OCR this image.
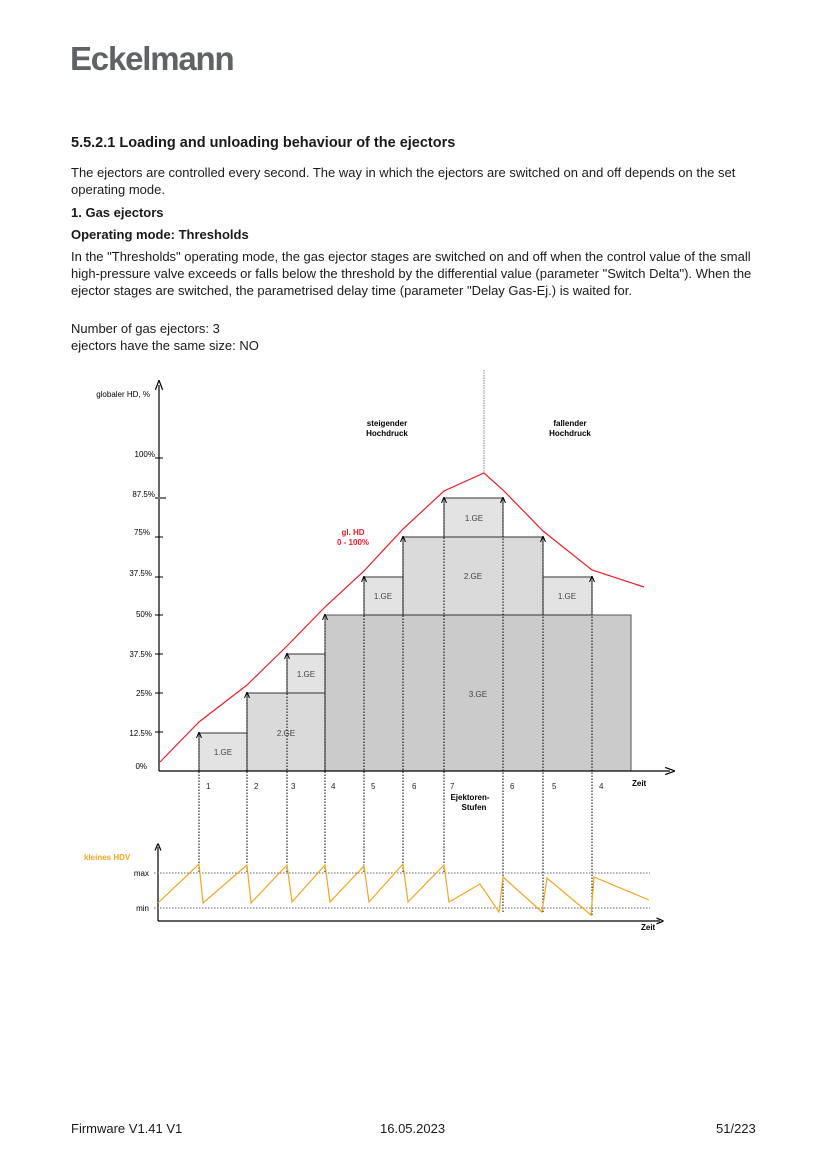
Eckelmann
5.5.2.1 Loading and unloading behaviour of the ejectors
The ejectors are controlled every second. The way in which the ejectors are switched on and off depends on the set operating mode.
1. Gas ejectors
Operating mode: Thresholds
In the "Thresholds" operating mode, the gas ejector stages are switched on and off when the control value of the small high-pressure valve exceeds or falls below the threshold by the differential value (parameter "Switch Delta"). When the ejector stages are switched, the parametrised delay time (parameter "Delay Gas-Ej.) is waited for.
Number of gas ejectors: 3
ejectors have the same size: NO
1.GE
2.GE
1.GE
3.GE
1.GE
2.GE
1.GE
1.GE
globaler HD, %
100%
87.5%
75%
37.5%
50%
37.5%
25%
12.5%
0%
1	2	3	4	5	6	7	6	5	4	Zeit
Ejektoren-
Stufen
steigender
Hochdruck
fallender
Hochdruck
gl. HD
0 - 100%
kleines HDV
max
min
Zeit
Firmware V1.41 V1	16.05.2023	51/223
